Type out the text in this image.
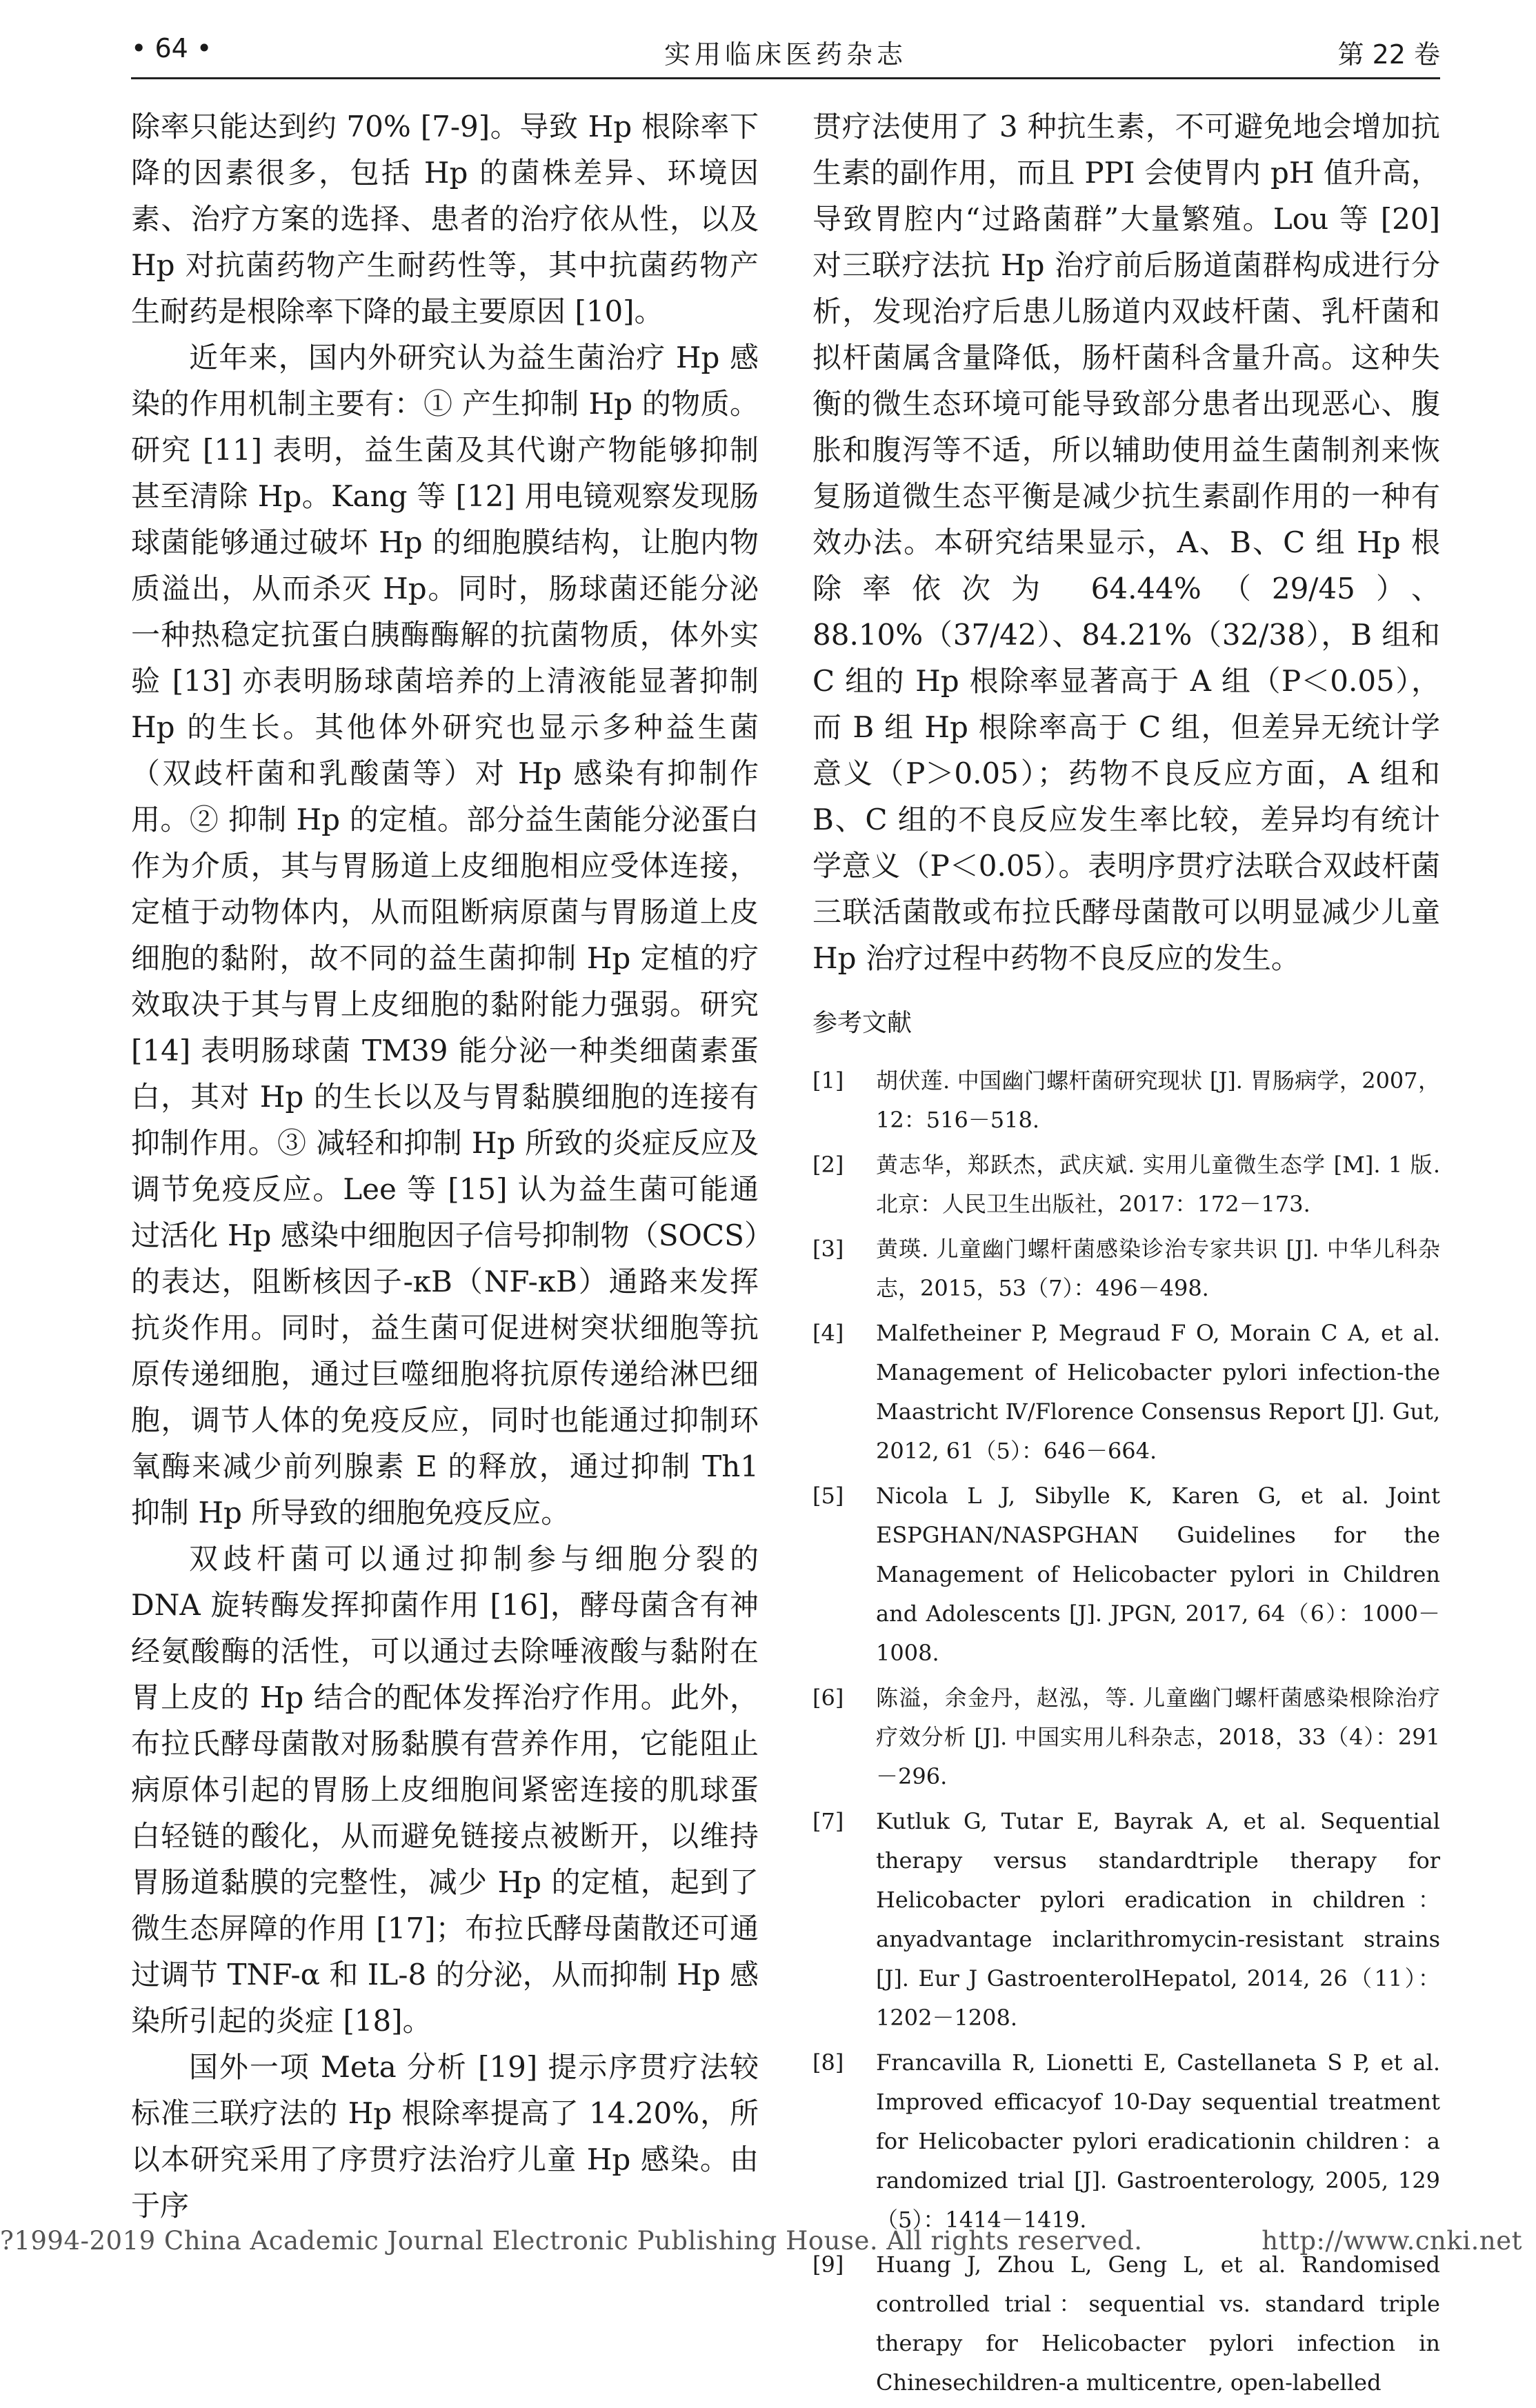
• 64 •	实用临床医药杂志	第 22 卷

除率只能达到约 70% [7-9]。导致 Hp 根除率下降的因素很多，包括 Hp 的菌株差异、环境因素、治疗方案的选择、患者的治疗依从性，以及 Hp 对抗菌药物产生耐药性等，其中抗菌药物产生耐药是根除率下降的最主要原因 [10]。

近年来，国内外研究认为益生菌治疗 Hp 感染的作用机制主要有：① 产生抑制 Hp 的物质。研究 [11] 表明，益生菌及其代谢产物能够抑制甚至清除 Hp。Kang 等 [12] 用电镜观察发现肠球菌能够通过破坏 Hp 的细胞膜结构，让胞内物质溢出，从而杀灭 Hp。同时，肠球菌还能分泌一种热稳定抗蛋白胰酶酶解的抗菌物质，体外实验 [13] 亦表明肠球菌培养的上清液能显著抑制 Hp 的生长。其他体外研究也显示多种益生菌（双歧杆菌和乳酸菌等）对 Hp 感染有抑制作用。② 抑制 Hp 的定植。部分益生菌能分泌蛋白作为介质，其与胃肠道上皮细胞相应受体连接，定植于动物体内，从而阻断病原菌与胃肠道上皮细胞的黏附，故不同的益生菌抑制 Hp 定植的疗效取决于其与胃上皮细胞的黏附能力强弱。研究 [14] 表明肠球菌 TM39 能分泌一种类细菌素蛋白，其对 Hp 的生长以及与胃黏膜细胞的连接有抑制作用。③ 减轻和抑制 Hp 所致的炎症反应及调节免疫反应。Lee 等 [15] 认为益生菌可能通过活化 Hp 感染中细胞因子信号抑制物（SOCS）的表达，阻断核因子-κB（NF-κB）通路来发挥抗炎作用。同时，益生菌可促进树突状细胞等抗原传递细胞，通过巨噬细胞将抗原传递给淋巴细胞，调节人体的免疫反应，同时也能通过抑制环氧酶来减少前列腺素 E 的释放，通过抑制 Th1 抑制 Hp 所导致的细胞免疫反应。

双歧杆菌可以通过抑制参与细胞分裂的 DNA 旋转酶发挥抑菌作用 [16]，酵母菌含有神经氨酸酶的活性，可以通过去除唾液酸与黏附在胃上皮的 Hp 结合的配体发挥治疗作用。此外，布拉氏酵母菌散对肠黏膜有营养作用，它能阻止病原体引起的胃肠上皮细胞间紧密连接的肌球蛋白轻链的酸化，从而避免链接点被断开，以维持胃肠道黏膜的完整性，减少 Hp 的定植，起到了微生态屏障的作用 [17]；布拉氏酵母菌散还可通过调节 TNF-α 和 IL-8 的分泌，从而抑制 Hp 感染所引起的炎症 [18]。

国外一项 Meta 分析 [19] 提示序贯疗法较标准三联疗法的 Hp 根除率提高了 14.20%，所以本研究采用了序贯疗法治疗儿童 Hp 感染。由于序

贯疗法使用了 3 种抗生素，不可避免地会增加抗生素的副作用，而且 PPI 会使胃内 pH 值升高，导致胃腔内“过路菌群”大量繁殖。Lou 等 [20] 对三联疗法抗 Hp 治疗前后肠道菌群构成进行分析，发现治疗后患儿肠道内双歧杆菌、乳杆菌和拟杆菌属含量降低，肠杆菌科含量升高。这种失衡的微生态环境可能导致部分患者出现恶心、腹胀和腹泻等不适，所以辅助使用益生菌制剂来恢复肠道微生态平衡是减少抗生素副作用的一种有效办法。本研究结果显示，A、B、C 组 Hp 根除率依次为 64.44%（29/45）、88.10%（37/42）、84.21%（32/38），B 组和 C 组的 Hp 根除率显著高于 A 组（P＜0.05），而 B 组 Hp 根除率高于 C 组，但差异无统计学意义（P＞0.05）；药物不良反应方面，A 组和 B、C 组的不良反应发生率比较，差异均有统计学意义（P＜0.05）。表明序贯疗法联合双歧杆菌三联活菌散或布拉氏酵母菌散可以明显减少儿童 Hp 治疗过程中药物不良反应的发生。

参考文献
[1]	胡伏莲. 中国幽门螺杆菌研究现状 [J]. 胃肠病学，2007，12：516－518.
[2]	黄志华，郑跃杰，武庆斌. 实用儿童微生态学 [M]. 1 版. 北京：人民卫生出版社，2017：172－173.
[3]	黄瑛. 儿童幽门螺杆菌感染诊治专家共识 [J]. 中华儿科杂志，2015，53（7）：496－498.
[4]	Malfetheiner P, Megraud F O, Morain C A, et al. Management of Helicobacter pylori infection-the Maastricht Ⅳ/Florence Consensus Report [J]. Gut, 2012, 61（5）：646－664.
[5]	Nicola L J, Sibylle K, Karen G, et al. Joint ESPGHAN/NASPGHAN Guidelines for the Management of Helicobacter pylori in Children and Adolescents [J]. JPGN, 2017, 64（6）：1000－1008.
[6]	陈溢，余金丹，赵泓，等. 儿童幽门螺杆菌感染根除治疗疗效分析 [J]. 中国实用儿科杂志，2018，33（4）：291－296.
[7]	Kutluk G, Tutar E, Bayrak A, et al. Sequential therapy versus standardtriple therapy for Helicobacter pylori eradication in children：anyadvantage inclarithromycin-resistant strains [J]. Eur J GastroenterolHepatol, 2014, 26（11）：1202－1208.
[8]	Francavilla R, Lionetti E, Castellaneta S P, et al. Improved efficacyof 10-Day sequential treatment for Helicobacter pylori eradicationin children：a randomized trial [J]. Gastroenterology, 2005, 129（5）：1414－1419.
[9]	Huang J, Zhou L, Geng L, et al. Randomised controlled trial：sequential vs. standard triple therapy for Helicobacter pylori infection in Chinesechildren-a multicentre, open-labelled
?1994-2019 China Academic Journal Electronic Publishing House. All rights reserved.	http://www.cnki.net
